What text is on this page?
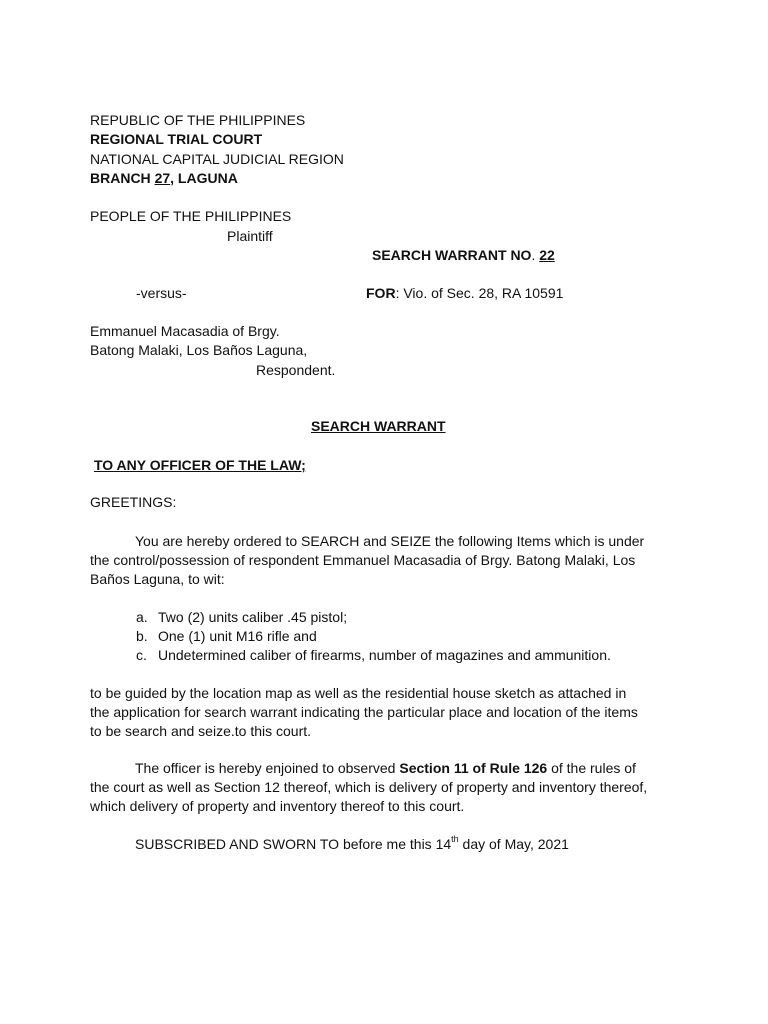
REPUBLIC OF THE PHILIPPINES
REGIONAL TRIAL COURT
NATIONAL CAPITAL JUDICIAL REGION
BRANCH 27, LAGUNA
PEOPLE OF THE PHILIPPINES
Plaintiff
SEARCH WARRANT NO. 22
-versus-	FOR: Vio. of Sec. 28, RA 10591
Emmanuel Macasadia of Brgy.
Batong Malaki, Los Baños Laguna,
Respondent.
SEARCH WARRANT
TO ANY OFFICER OF THE LAW;
GREETINGS:
You are hereby ordered to SEARCH and SEIZE the following Items which is under
the control/possession of respondent Emmanuel Macasadia of Brgy. Batong Malaki, Los
Baños Laguna, to wit:
a. Two (2) units caliber .45 pistol;
b. One (1) unit M16 rifle and
c. Undetermined caliber of firearms, number of magazines and ammunition.
to be guided by the location map as well as the residential house sketch as attached in
the application for search warrant indicating the particular place and location of the items
to be search and seize.to this court.
The officer is hereby enjoined to observed Section 11 of Rule 126 of the rules of
the court as well as Section 12 thereof, which is delivery of property and inventory thereof,
which delivery of property and inventory thereof to this court.
SUBSCRIBED AND SWORN TO before me this 14th day of May, 2021
